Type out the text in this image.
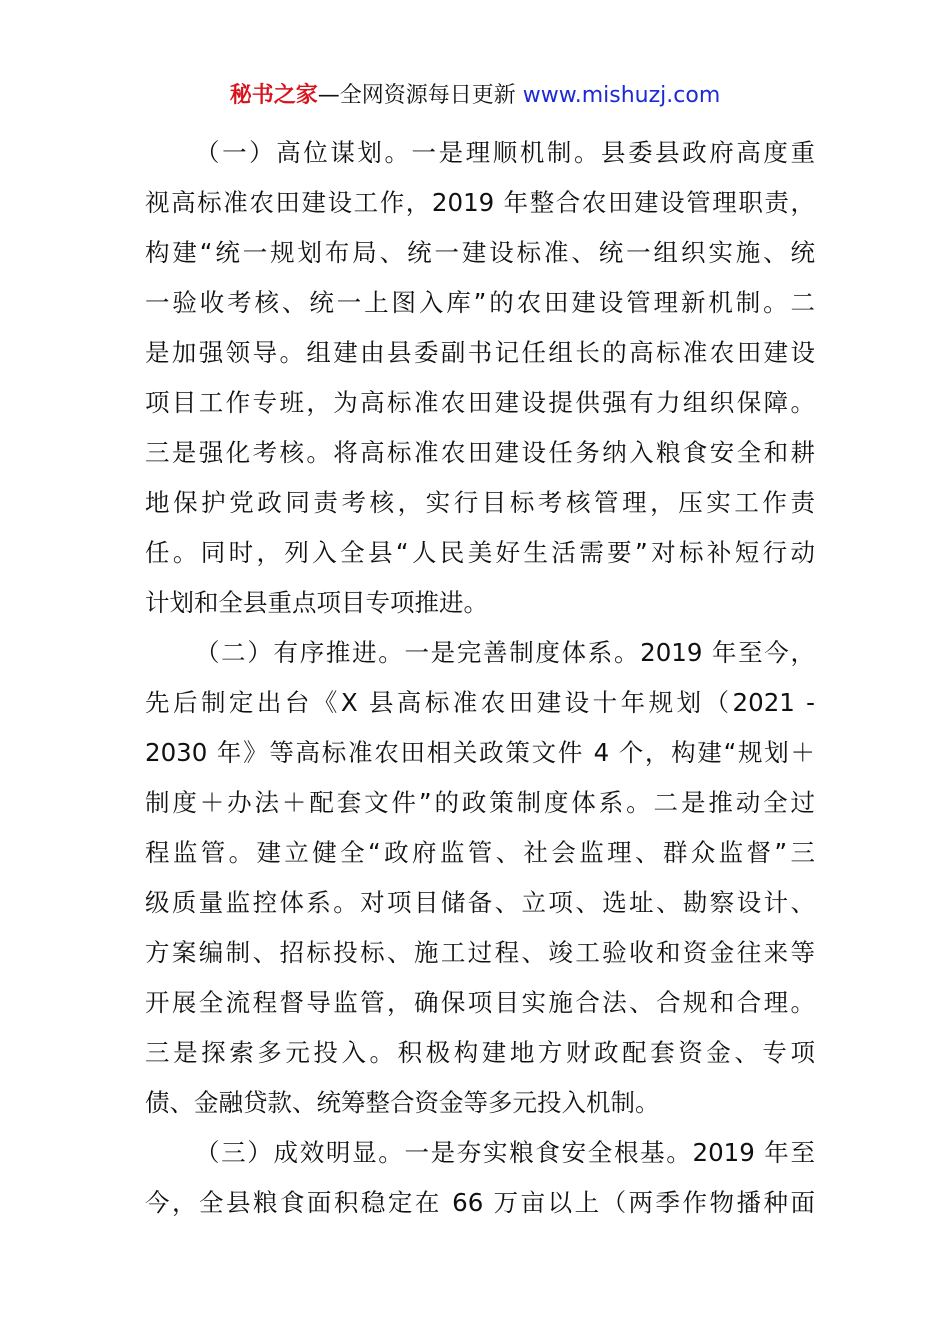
秘书之家—全网资源每日更新 www.mishuzj.com
（一）高位谋划。一是理顺机制。县委县政府高度重
视高标准农田建设工作，2019 年整合农田建设管理职责，
构建“统一规划布局、统一建设标准、统一组织实施、统
一验收考核、统一上图入库”的农田建设管理新机制。二
是加强领导。组建由县委副书记任组长的高标准农田建设
项目工作专班，为高标准农田建设提供强有力组织保障。
三是强化考核。将高标准农田建设任务纳入粮食安全和耕
地保护党政同责考核，实行目标考核管理，压实工作责
任。同时，列入全县“人民美好生活需要”对标补短行动
计划和全县重点项目专项推进。
（二）有序推进。一是完善制度体系。2019 年至今，
先后制定出台《X 县高标准农田建设十年规划（2021 -
2030 年》等高标准农田相关政策文件 4 个，构建“规划＋
制度＋办法＋配套文件”的政策制度体系。二是推动全过
程监管。建立健全“政府监管、社会监理、群众监督”三
级质量监控体系。对项目储备、立项、选址、勘察设计、
方案编制、招标投标、施工过程、竣工验收和资金往来等
开展全流程督导监管，确保项目实施合法、合规和合理。
三是探索多元投入。积极构建地方财政配套资金、专项
债、金融贷款、统筹整合资金等多元投入机制。
（三）成效明显。一是夯实粮食安全根基。2019 年至
今，全县粮食面积稳定在 66 万亩以上（两季作物播种面
